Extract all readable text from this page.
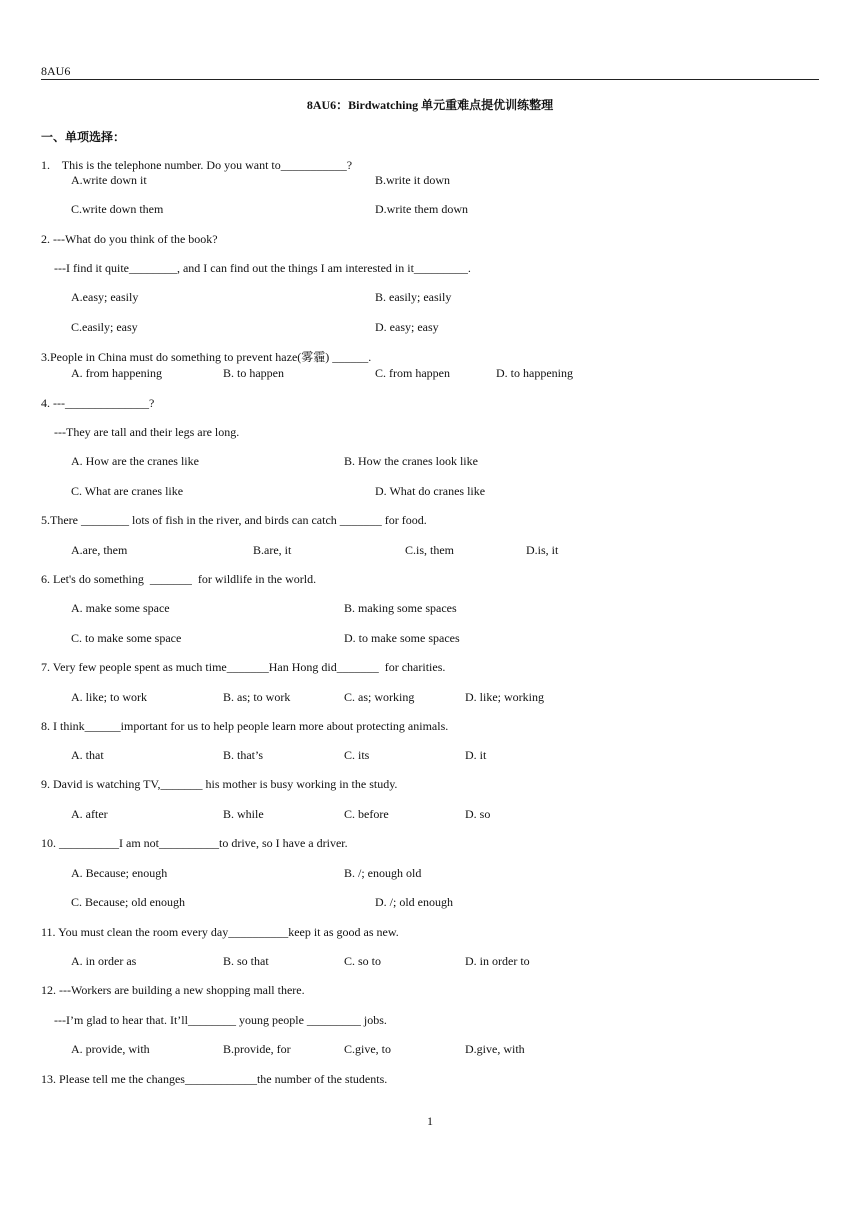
8AU6
8AU6：Birdwatching 单元重难点提优训练整理
一、单项选择：
1.    This is the telephone number. Do you want to___________?
A.write down it	B.write it down
C.write down them	D.write them down
2. ---What do you think of the book?
---I find it quite________, and I can find out the things I am interested in it_________.
A.easy; easily	B. easily; easily
C.easily; easy	D. easy; easy
3.People in China must do something to prevent haze(雾霾) ______.
A. from happening	B. to happen	C. from happen	D. to happening
4. ---______________?
---They are tall and their legs are long.
A. How are the cranes like	B. How the cranes look like
C. What are cranes like	D. What do cranes like
5.There ________ lots of fish in the river, and birds can catch _______ for food.
A.are, them	B.are, it	C.is, them	D.is, it
6. Let's do something  _______  for wildlife in the world.
A. make some space	B. making some spaces
C. to make some space	D. to make some spaces
7. Very few people spent as much time_______Han Hong did_______  for charities.
A. like; to work	B. as; to work	C. as; working	D. like; working
8. I think______important for us to help people learn more about protecting animals.
A. that	B. that’s	C. its	D. it
9. David is watching TV,_______ his mother is busy working in the study.
A. after	B. while	C. before	D. so
10. __________I am not__________to drive, so I have a driver.
A. Because; enough	B. /; enough old
C. Because; old enough	D. /; old enough
11. You must clean the room every day__________keep it as good as new.
A. in order as	B. so that	C. so to	D. in order to
12. ---Workers are building a new shopping mall there.
---I’m glad to hear that. It’ll________ young people _________ jobs.
A. provide, with	B.provide, for	C.give, to	D.give, with
13. Please tell me the changes____________the number of the students.
1
